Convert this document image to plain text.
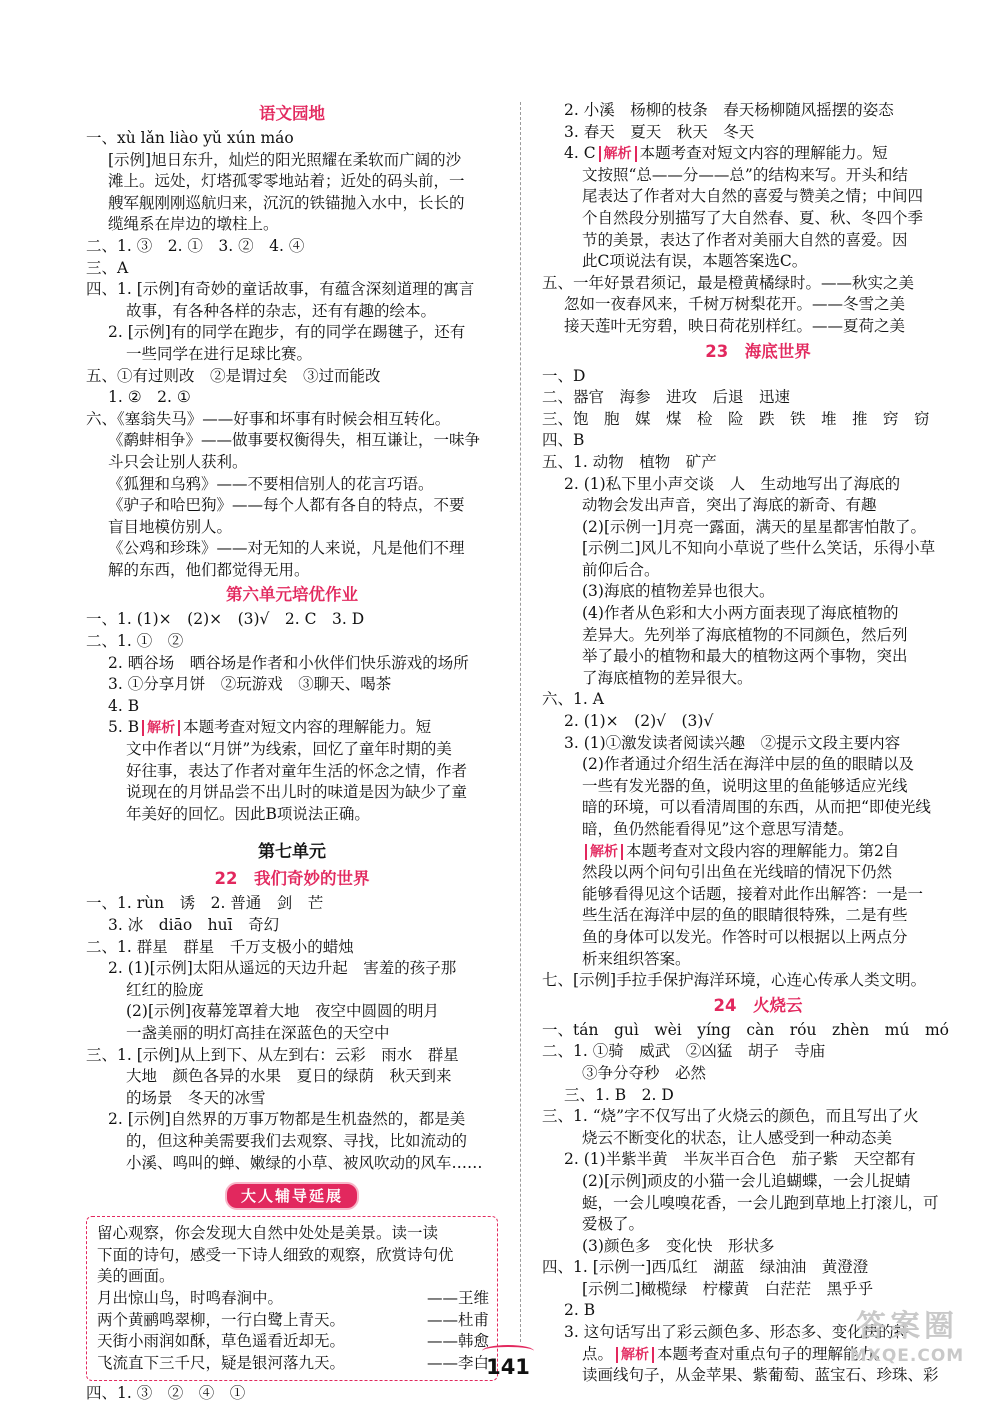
语文园地
一、xù lǎn liào yǔ xún máo
[示例]旭日东升，灿烂的阳光照耀在柔软而广阔的沙
滩上。远处，灯塔孤零零地站着；近处的码头前，一
艘军舰刚刚巡航归来，沉沉的铁锚抛入水中，长长的
缆绳系在岸边的墩柱上。
二、1. ③　2. ①　3. ②　4. ④
三、A
四、1. [示例]有奇妙的童话故事，有蕴含深刻道理的寓言
故事，有各种各样的杂志，还有有趣的绘本。
2. [示例]有的同学在跑步，有的同学在踢毽子，还有
一些同学在进行足球比赛。
五、①有过则改　②是谓过矣　③过而能改
1. ②　2. ①
六、《塞翁失马》——好事和坏事有时候会相互转化。
《鹬蚌相争》——做事要权衡得失，相互谦让，一味争
斗只会让别人获利。
《狐狸和乌鸦》——不要相信别人的花言巧语。
《驴子和哈巴狗》——每个人都有各自的特点，不要
盲目地模仿别人。
《公鸡和珍珠》——对无知的人来说，凡是他们不理
解的东西，他们都觉得无用。
第六单元培优作业
一、1. (1)×　(2)×　(3)√　2. C　3. D
二、1. ①　②
2. 晒谷场　晒谷场是作者和小伙伴们快乐游戏的场所
3. ①分享月饼　②玩游戏　③聊天、喝茶
4. B
5. B 解析 本题考查对短文内容的理解能力。短
文中作者以“月饼”为线索，回忆了童年时期的美
好往事，表达了作者对童年生活的怀念之情，作者
说现在的月饼品尝不出儿时的味道是因为缺少了童
年美好的回忆。因此B项说法正确。
第七单元
22　我们奇妙的世界
一、1. rùn　诱　2. 普通　剑　芒
3. 冰　diāo　huī　奇幻
二、1. 群星　群星　千万支极小的蜡烛
2. (1)[示例]太阳从遥远的天边升起　害羞的孩子那
红红的脸庞
(2)[示例]夜幕笼罩着大地　夜空中圆圆的明月
一盏美丽的明灯高挂在深蓝色的天空中
三、1. [示例]从上到下、从左到右：云彩　雨水　群星
大地　颜色各异的水果　夏日的绿荫　秋天到来
的场景　冬天的冰雪
2. [示例]自然界的万事万物都是生机盎然的，都是美
的，但这种美需要我们去观察、寻找，比如流动的
小溪、鸣叫的蝉、嫩绿的小草、被风吹动的风车……
大人辅导延展
留心观察，你会发现大自然中处处是美景。读一读
下面的诗句，感受一下诗人细致的观察，欣赏诗句优
美的画面。
月出惊山鸟，时鸣春涧中。	——王维
两个黄鹂鸣翠柳，一行白鹭上青天。	——杜甫
天街小雨润如酥，草色遥看近却无。	——韩愈
飞流直下三千尺，疑是银河落九天。	——李白
四、1. ③　②　④　①
2. 小溪　杨柳的枝条　春天杨柳随风摇摆的姿态
3. 春天　夏天　秋天　冬天
4. C 解析 本题考查对短文内容的理解能力。短
文按照“总——分——总”的结构来写。开头和结
尾表达了作者对大自然的喜爱与赞美之情；中间四
个自然段分别描写了大自然春、夏、秋、冬四个季
节的美景，表达了作者对美丽大自然的喜爱。因
此C项说法有误，本题答案选C。
五、一年好景君须记，最是橙黄橘绿时。——秋实之美
忽如一夜春风来，千树万树梨花开。——冬雪之美
接天莲叶无穷碧，映日荷花别样红。——夏荷之美
23　海底世界
一、D
二、器官　海参　进攻　后退　迅速
三、饱　胞　媒　煤　检　险　跌　铁　堆　推　窍　窃
四、B
五、1. 动物　植物　矿产
2. (1)私下里小声交谈　人　生动地写出了海底的
动物会发出声音，突出了海底的新奇、有趣
(2)[示例一]月亮一露面，满天的星星都害怕散了。
[示例二]风儿不知向小草说了些什么笑话，乐得小草
前仰后合。
(3)海底的植物差异也很大。
(4)作者从色彩和大小两方面表现了海底植物的
差异大。先列举了海底植物的不同颜色，然后列
举了最小的植物和最大的植物这两个事物，突出
了海底植物的差异很大。
六、1. A
2. (1)×　(2)√　(3)√
3. (1)①激发读者阅读兴趣　②提示文段主要内容
(2)作者通过介绍生活在海洋中层的鱼的眼睛以及
一些有发光器的鱼，说明这里的鱼能够适应光线
暗的环境，可以看清周围的东西，从而把“即使光线
暗，鱼仍然能看得见”这个意思写清楚。
解析 本题考查对文段内容的理解能力。第2自
然段以两个问句引出鱼在光线暗的情况下仍然
能够看得见这个话题，接着对此作出解答：一是一
些生活在海洋中层的鱼的眼睛很特殊，二是有些
鱼的身体可以发光。作答时可以根据以上两点分
析来组织答案。
七、[示例]手拉手保护海洋环境，心连心传承人类文明。
24　火烧云
一、tán　guì　wèi　yíng　càn　róu　zhèn　mú　mó
二、1. ①骑　威武　②凶猛　胡子　寺庙
③争分夺秒　必然
三、1. B　2. D
三、1. “烧”字不仅写出了火烧云的颜色，而且写出了火
烧云不断变化的状态，让人感受到一种动态美
2. (1)半紫半黄　半灰半百合色　茄子紫　天空都有
(2)[示例]顽皮的小猫一会儿追蝴蝶，一会儿捉蜻
蜓，一会儿嗅嗅花香，一会儿跑到草地上打滚儿，可
爱极了。
(3)颜色多　变化快　形状多
四、1. [示例一]西瓜红　湖蓝　绿油油　黄澄澄
[示例二]橄榄绿　柠檬黄　白茫茫　黑乎乎
2. B
3. 这句话写出了彩云颜色多、形态多、变化快的特
点。 解析 本题考查对重点句子的理解能力。
读画线句子，从金苹果、紫葡萄、蓝宝石、珍珠、彩
141
答案圈
MXQE.COM
